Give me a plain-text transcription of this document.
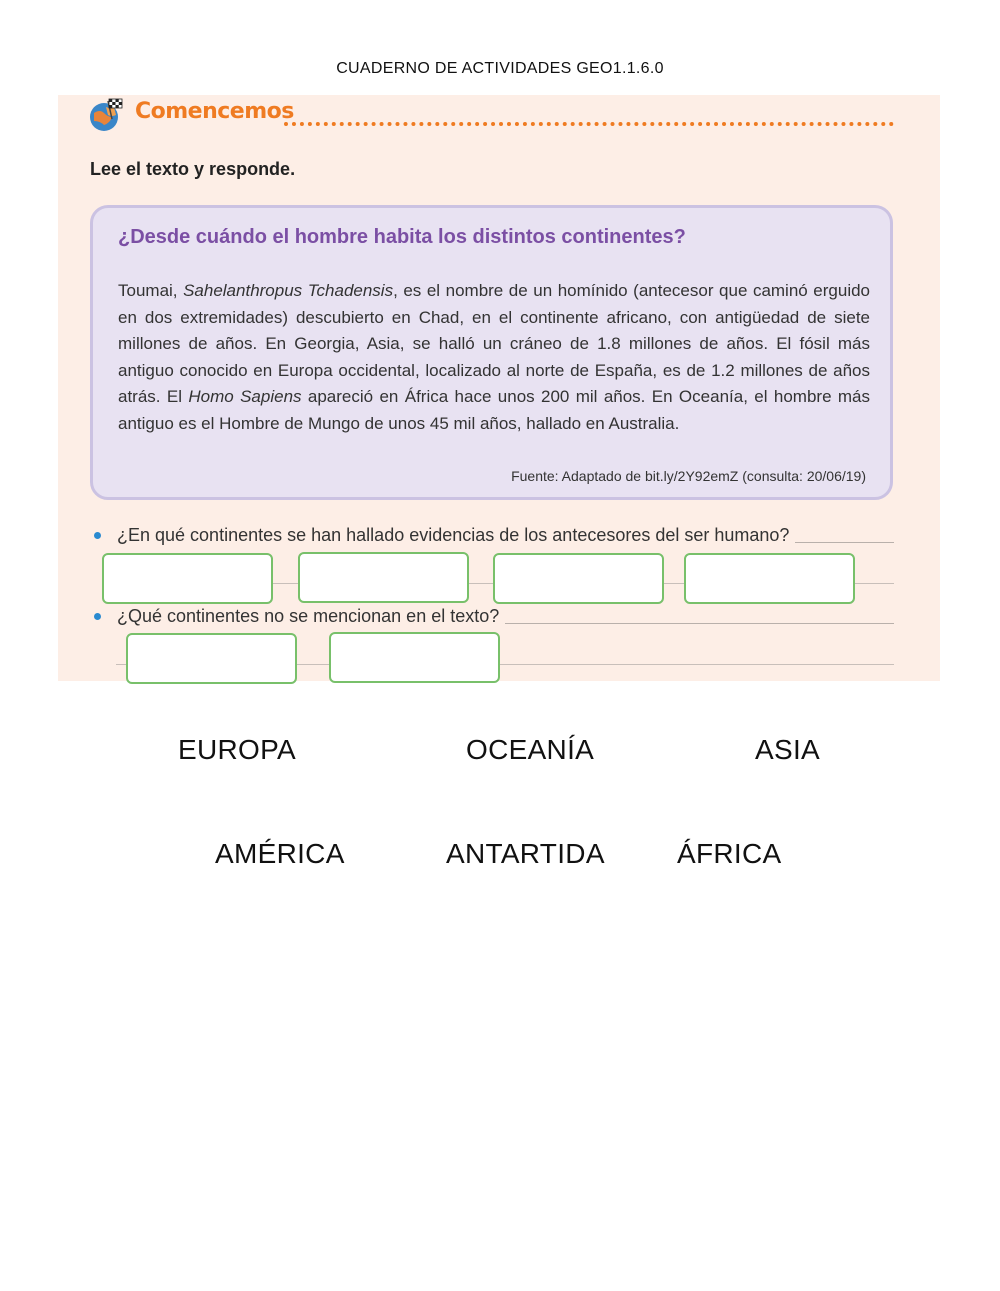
CUADERNO DE ACTIVIDADES GEO1.1.6.0
Comencemos
Lee el texto y responde.
¿Desde cuándo el hombre habita los distintos continentes?
Toumai, Sahelanthropus Tchadensis, es el nombre de un homínido (antecesor que caminó erguido en dos extremidades) descubierto en Chad, en el continente africano, con antigüedad de siete millones de años. En Georgia, Asia, se halló un cráneo de 1.8 millones de años. El fósil más antiguo conocido en Europa occidental, localizado al norte de España, es de 1.2 millones de años atrás. El Homo Sapiens apareció en África hace unos 200 mil años. En Oceanía, el hombre más antiguo es el Hombre de Mungo de unos 45 mil años, hallado en Australia.
Fuente: Adaptado de bit.ly/2Y92emZ (consulta: 20/06/19)
¿En qué continentes se han hallado evidencias de los antecesores del ser humano?
¿Qué continentes no se mencionan en el texto?
EUROPA	OCEANÍA	ASIA
AMÉRICA	ANTARTIDA	ÁFRICA
